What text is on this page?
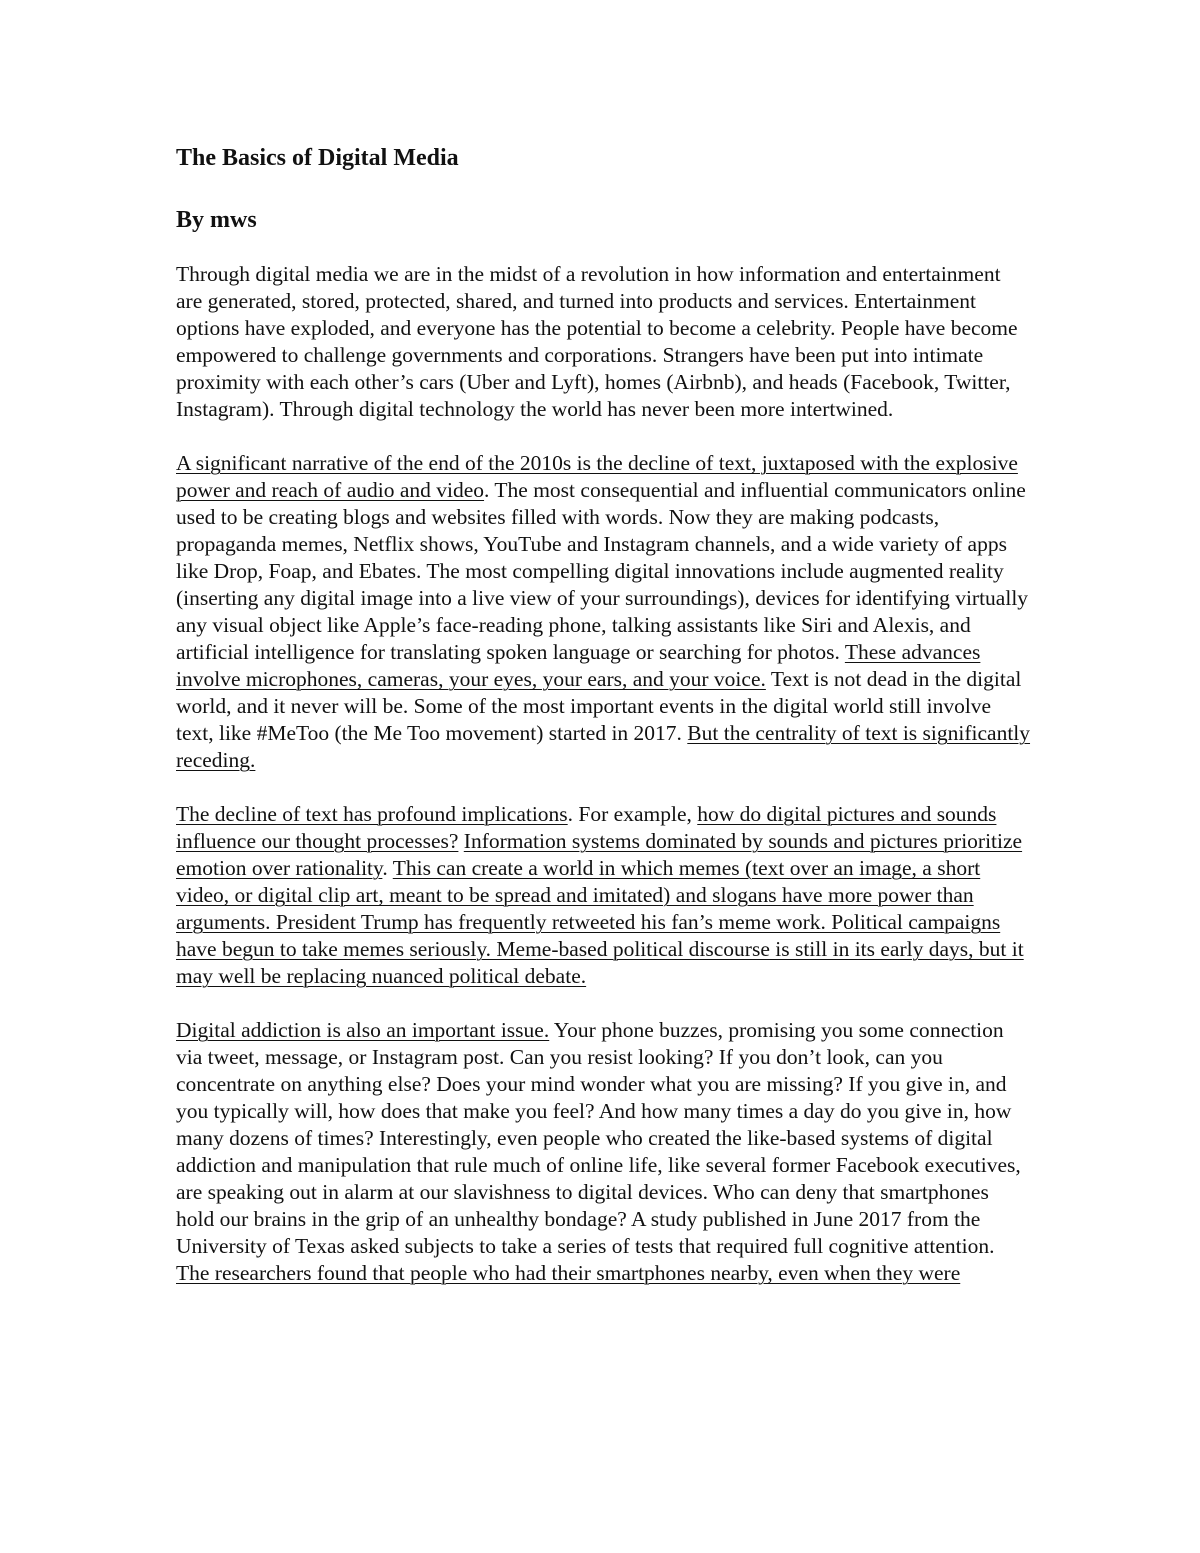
The Basics of Digital Media
By mws

Through digital media we are in the midst of a revolution in how information and entertainment are generated, stored, protected, shared, and turned into products and services. Entertainment options have exploded, and everyone has the potential to become a celebrity. People have become empowered to challenge governments and corporations. Strangers have been put into intimate proximity with each other’s cars (Uber and Lyft), homes (Airbnb), and heads (Facebook, Twitter, Instagram). Through digital technology the world has never been more intertwined.

A significant narrative of the end of the 2010s is the decline of text, juxtaposed with the explosive power and reach of audio and video. The most consequential and influential communicators online used to be creating blogs and websites filled with words. Now they are making podcasts, propaganda memes, Netflix shows, YouTube and Instagram channels, and a wide variety of apps like Drop, Foap, and Ebates. The most compelling digital innovations include augmented reality (inserting any digital image into a live view of your surroundings), devices for identifying virtually any visual object like Apple’s face-reading phone, talking assistants like Siri and Alexis, and artificial intelligence for translating spoken language or searching for photos. These advances involve microphones, cameras, your eyes, your ears, and your voice. Text is not dead in the digital world, and it never will be. Some of the most important events in the digital world still involve text, like #MeToo (the Me Too movement) started in 2017. But the centrality of text is significantly receding.

The decline of text has profound implications. For example, how do digital pictures and sounds influence our thought processes? Information systems dominated by sounds and pictures prioritize emotion over rationality. This can create a world in which memes (text over an image, a short video, or digital clip art, meant to be spread and imitated) and slogans have more power than arguments. President Trump has frequently retweeted his fan’s meme work. Political campaigns have begun to take memes seriously. Meme-based political discourse is still in its early days, but it may well be replacing nuanced political debate.

Digital addiction is also an important issue. Your phone buzzes, promising you some connection via tweet, message, or Instagram post. Can you resist looking? If you don’t look, can you concentrate on anything else? Does your mind wonder what you are missing? If you give in, and you typically will, how does that make you feel? And how many times a day do you give in, how many dozens of times? Interestingly, even people who created the like-based systems of digital addiction and manipulation that rule much of online life, like several former Facebook executives, are speaking out in alarm at our slavishness to digital devices. Who can deny that smartphones hold our brains in the grip of an unhealthy bondage? A study published in June 2017 from the University of Texas asked subjects to take a series of tests that required full cognitive attention. The researchers found that people who had their smartphones nearby, even when they were
